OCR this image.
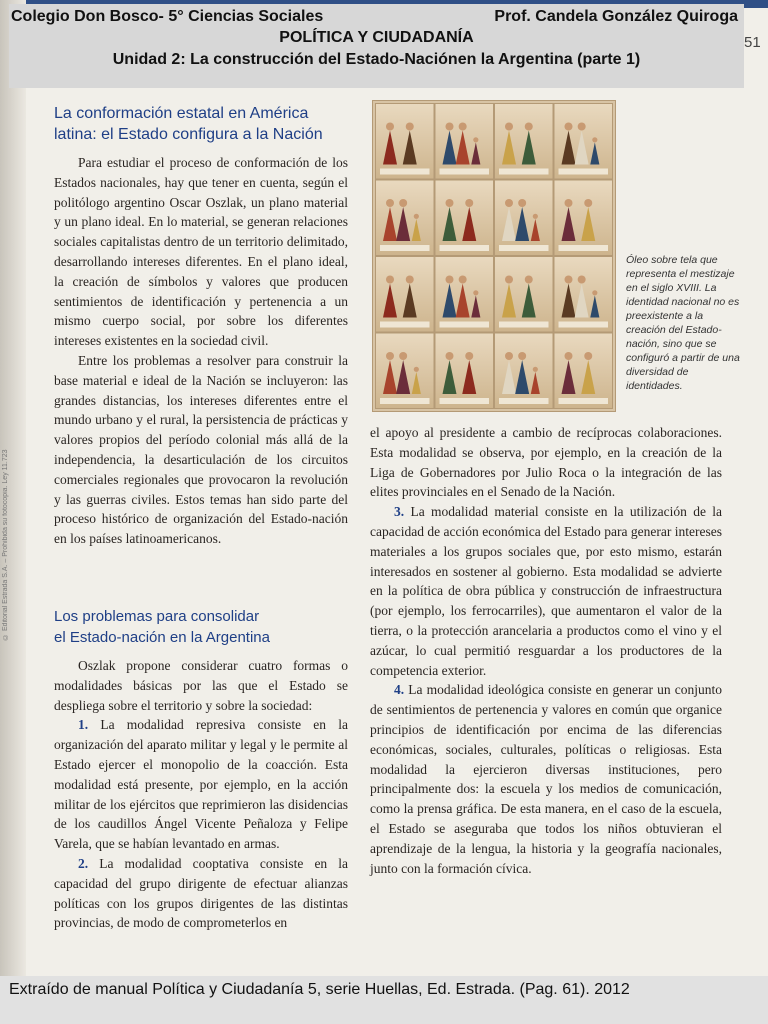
Colegio Don Bosco- 5° Ciencias Sociales	Prof. Candela González Quiroga
POLÍTICA Y CIUDADANÍA
Unidad 2: La construcción del Estado-Naciónen la Argentina (parte 1)
51
© Editorial Estrada S.A. – Prohibida su fotocopia. Ley 11.723
La conformación estatal en América
latina: el Estado configura a la Nación

Para estudiar el proceso de conformación de los Estados nacionales, hay que tener en cuenta, según el politólogo argentino Oscar Oszlak, un plano material y un plano ideal. En lo material, se generan relaciones sociales capitalistas dentro de un territorio delimitado, desarrollando intereses diferentes. En el plano ideal, la creación de símbolos y valores que producen sentimientos de identificación y pertenencia a un mismo cuerpo social, por sobre los diferentes intereses existentes en la sociedad civil.

Entre los problemas a resolver para construir la base material e ideal de la Nación se incluyeron: las grandes distancias, los intereses diferentes entre el mundo urbano y el rural, la persistencia de prácticas y valores propios del período colonial más allá de la independencia, la desarticulación de los circuitos comerciales regionales que provocaron la revolución y las guerras civiles. Estos temas han sido parte del proceso histórico de organización del Estado-nación en los países latinoamericanos.

Los problemas para consolidar
el Estado-nación en la Argentina

Oszlak propone considerar cuatro formas o modalidades básicas por las que el Estado se despliega sobre el territorio y sobre la sociedad:

1. La modalidad represiva consiste en la organización del aparato militar y legal y le permite al Estado ejercer el monopolio de la coacción. Esta modalidad está presente, por ejemplo, en la acción militar de los ejércitos que reprimieron las disidencias de los caudillos Ángel Vicente Peñaloza y Felipe Varela, que se habían levantado en armas.

2. La modalidad cooptativa consiste en la capacidad del grupo dirigente de efectuar alianzas políticas con los grupos dirigentes de las distintas provincias, de modo de comprometerlos en

Óleo sobre tela que representa el mestizaje en el siglo XVIII. La identidad nacional no es preexistente a la creación del Estado-nación, sino que se configuró a partir de una diversidad de identidades.

el apoyo al presidente a cambio de recíprocas colaboraciones. Esta modalidad se observa, por ejemplo, en la creación de la Liga de Gobernadores por Julio Roca o la integración de las elites provinciales en el Senado de la Nación.

3. La modalidad material consiste en la utilización de la capacidad de acción económica del Estado para generar intereses materiales a los grupos sociales que, por esto mismo, estarán interesados en sostener al gobierno. Esta modalidad se advierte en la política de obra pública y construcción de infraestructura (por ejemplo, los ferrocarriles), que aumentaron el valor de la tierra, o la protección arancelaria a productos como el vino y el azúcar, lo cual permitió resguardar a los productores de la competencia exterior.

4. La modalidad ideológica consiste en generar un conjunto de sentimientos de pertenencia y valores en común que organice principios de identificación por encima de las diferencias económicas, sociales, culturales, políticas o religiosas. Esta modalidad la ejercieron diversas instituciones, pero principalmente dos: la escuela y los medios de comunicación, como la prensa gráfica. De esta manera, en el caso de la escuela, el Estado se aseguraba que todos los niños obtuvieran el aprendizaje de la lengua, la historia y la geografía nacionales, junto con la formación cívica.

Extraído de manual Política y Ciudadanía 5, serie Huellas, Ed. Estrada. (Pag. 61). 2012
